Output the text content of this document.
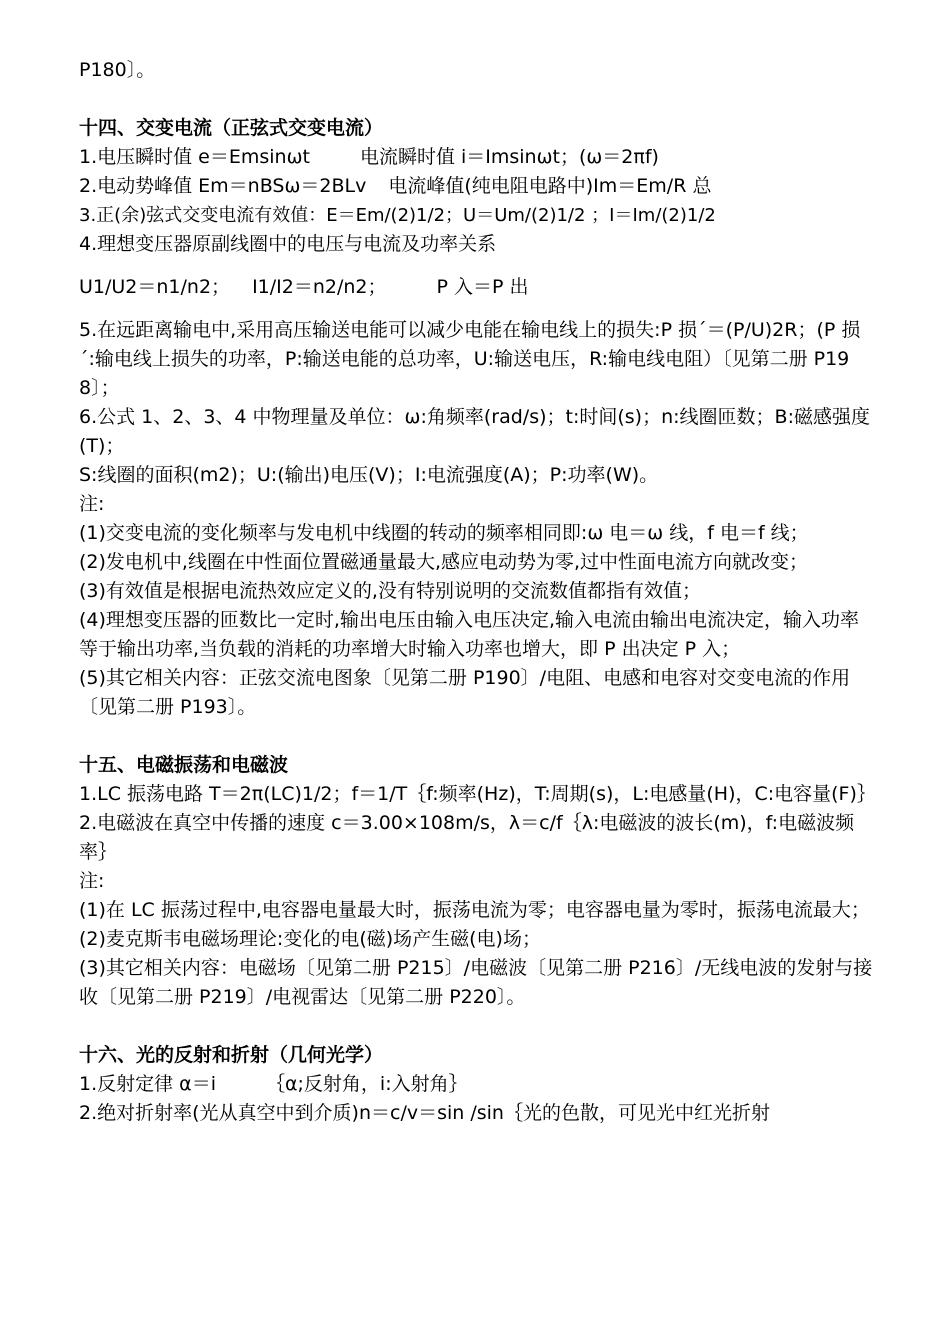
P180〕。

十四、交变电流（正弦式交变电流）

1.电压瞬时值 e＝Emsinωt	电流瞬时值 i＝Imsinωt；(ω＝2πf)

2.电动势峰值 Em＝nBSω＝2BLv 电流峰值(纯电阻电路中)Im＝Em/R 总

3.正(余)弦式交变电流有效值：E＝Em/(2)1/2；U＝Um/(2)1/2 ；I＝Im/(2)1/2

4.理想变压器原副线圈中的电压与电流及功率关系

U1/U2＝n1/n2； I1/I2＝n2/n2；	P 入＝P 出

5.在远距离输电中,采用高压输送电能可以减少电能在输电线上的损失:P 损´＝(P/U)2R；(P 损´:输电线上损失的功率，P:输送电能的总功率，U:输送电压，R:输电线电阻）〔见第二册 P198〕；

6.公式 1、2、3、4 中物理量及单位：ω:角频率(rad/s)；t:时间(s)；n:线圈匝数；B:磁感强度(T)；

S:线圈的面积(m2)；U:(输出)电压(V)；I:电流强度(A)；P:功率(W)。

注:

(1)交变电流的变化频率与发电机中线圈的转动的频率相同即:ω 电＝ω 线，f 电＝f 线；

(2)发电机中,线圈在中性面位置磁通量最大,感应电动势为零,过中性面电流方向就改变；

(3)有效值是根据电流热效应定义的,没有特别说明的交流数值都指有效值；

(4)理想变压器的匝数比一定时,输出电压由输入电压决定,输入电流由输出电流决定，输入功率等于输出功率,当负载的消耗的功率增大时输入功率也增大，即 P 出决定 P 入；

(5)其它相关内容：正弦交流电图象〔见第二册 P190〕/电阻、电感和电容对交变电流的作用〔见第二册 P193〕。

十五、电磁振荡和电磁波

1.LC 振荡电路 T＝2π(LC)1/2；f＝1/T｛f:频率(Hz)，T:周期(s)，L:电感量(H)，C:电容量(F)｝

2.电磁波在真空中传播的速度 c＝3.00×108m/s，λ＝c/f｛λ:电磁波的波长(m)，f:电磁波频率｝

注:

(1)在 LC 振荡过程中,电容器电量最大时，振荡电流为零；电容器电量为零时，振荡电流最大；

(2)麦克斯韦电磁场理论:变化的电(磁)场产生磁(电)场；

(3)其它相关内容：电磁场〔见第二册 P215〕/电磁波〔见第二册 P216〕/无线电波的发射与接收〔见第二册 P219〕/电视雷达〔见第二册 P220〕。

十六、光的反射和折射（几何光学）

1.反射定律 α＝i	｛α;反射角，i:入射角｝

2.绝对折射率(光从真空中到介质)n＝c/v＝sin /sin｛光的色散，可见光中红光折射
